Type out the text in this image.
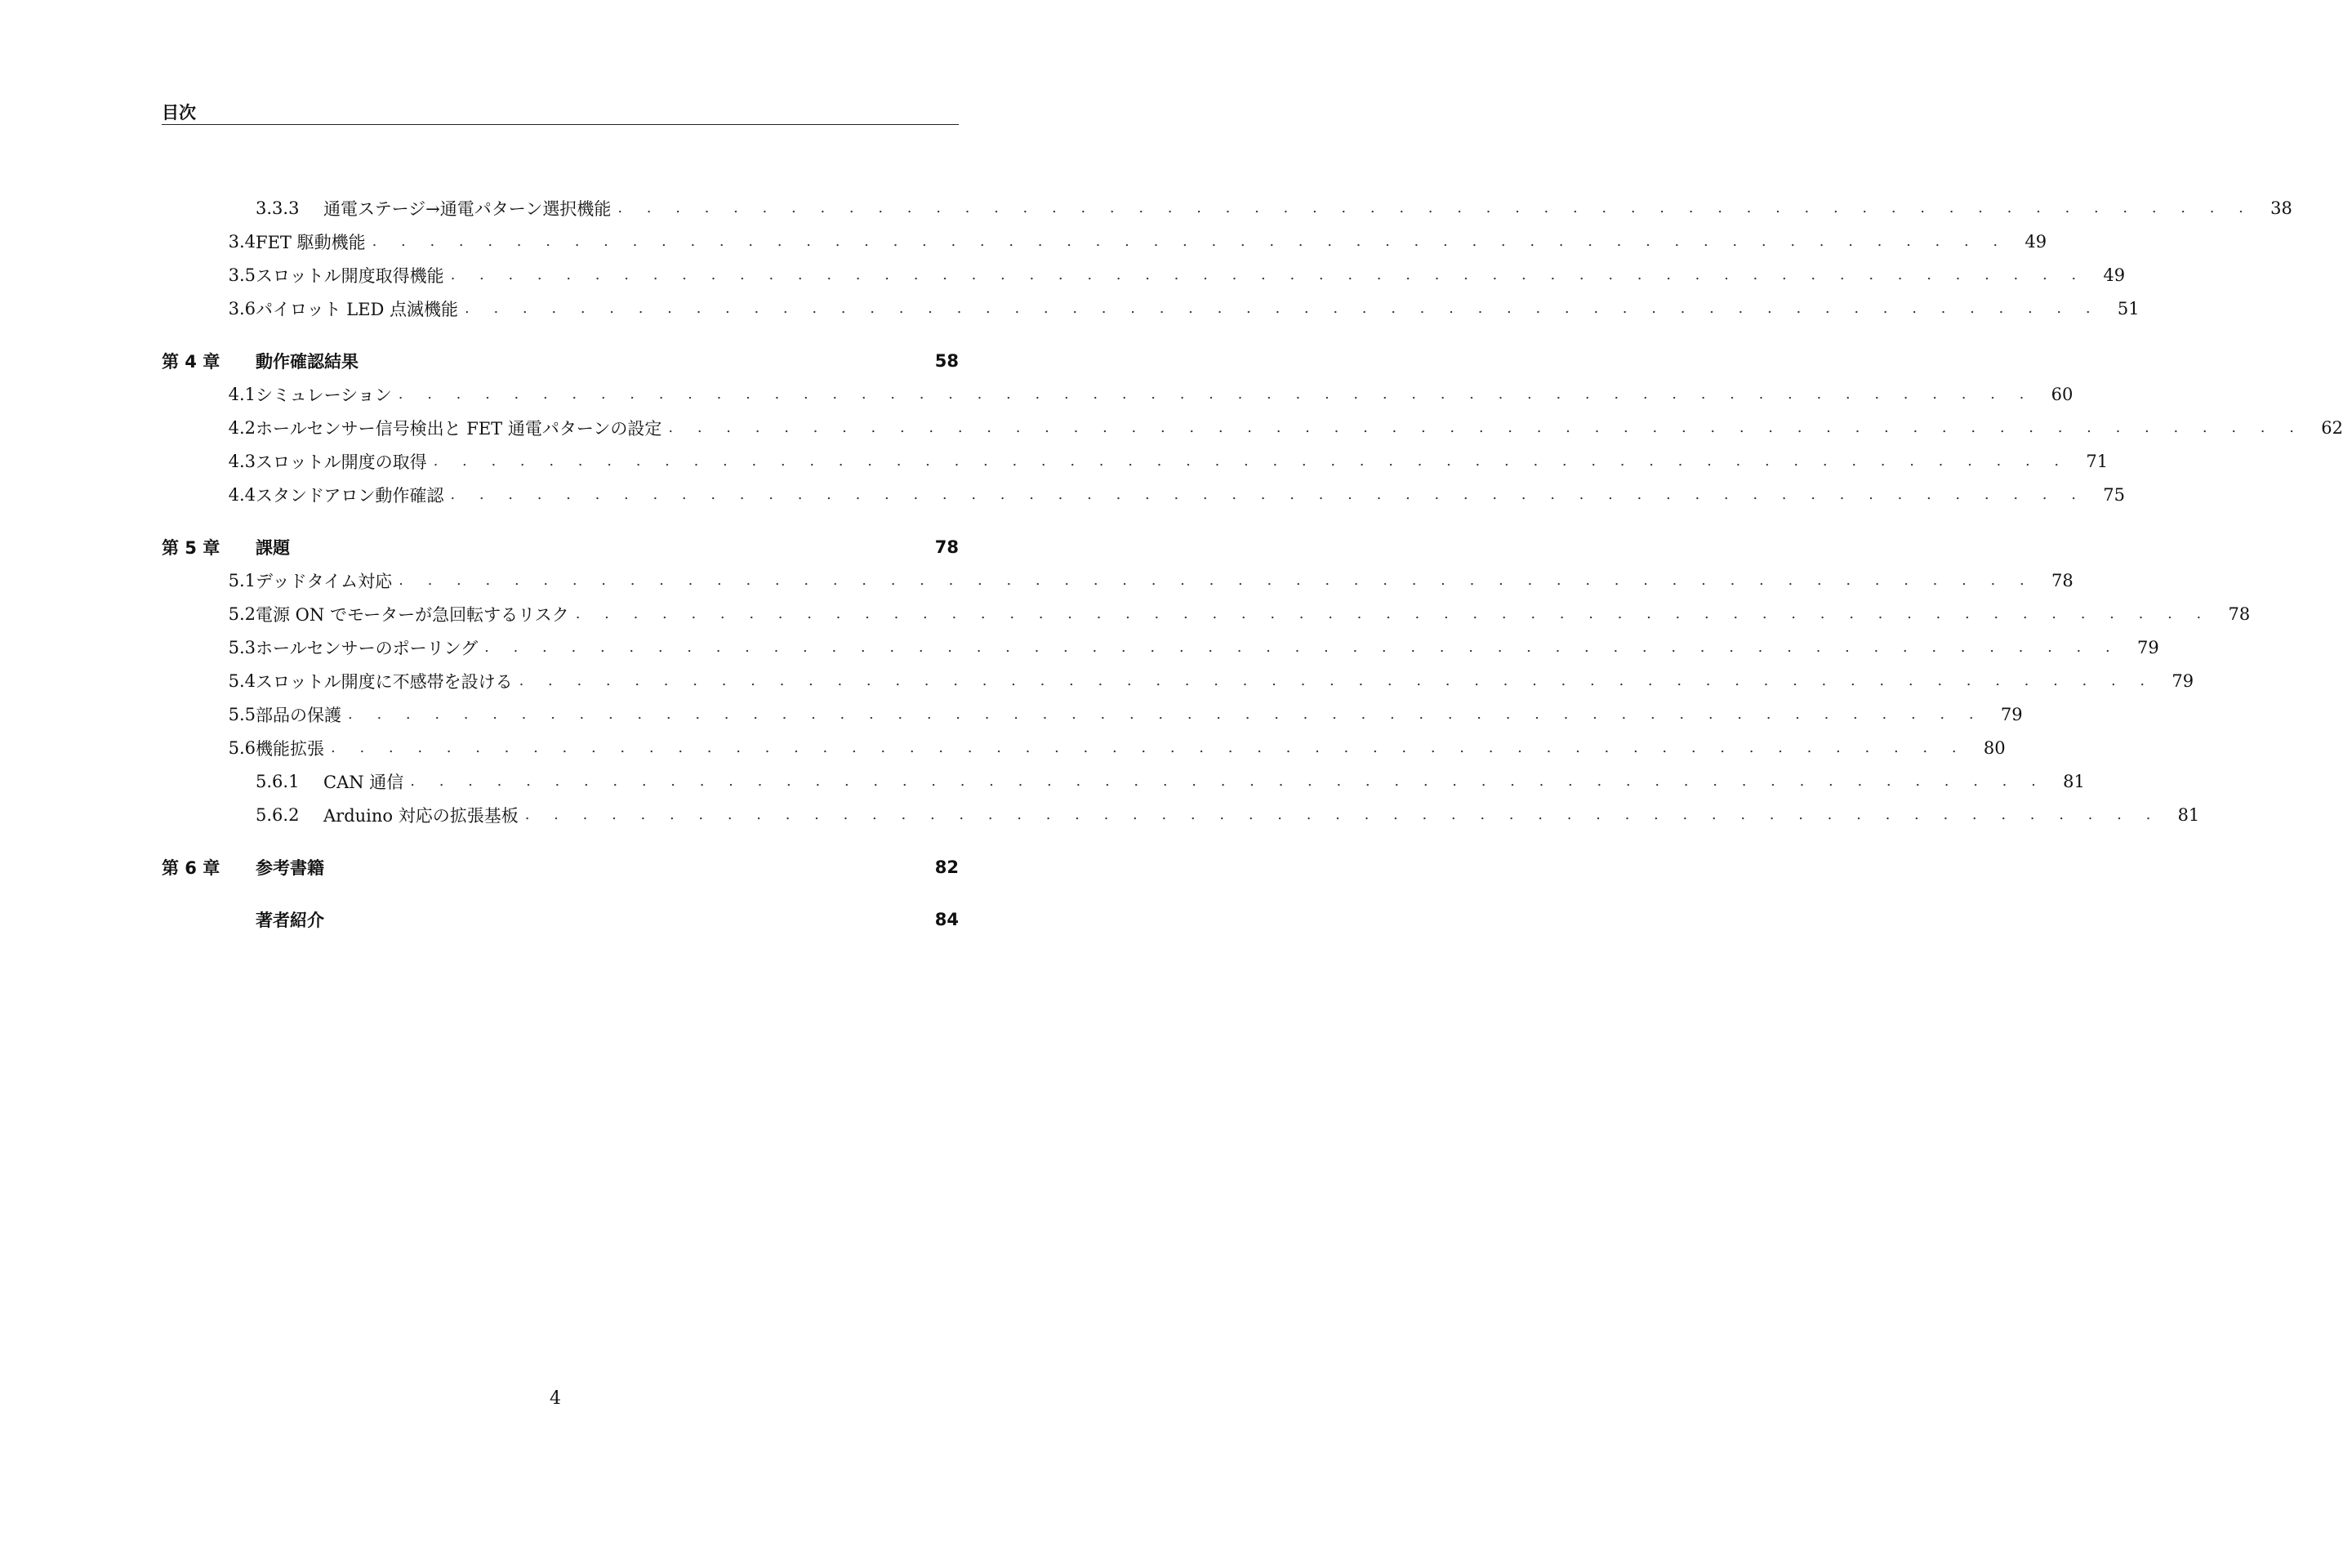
目次
3.3.3	通電ステージ→通電パターン選択機能 . . . . . . . . . . . . . . . . . . . . . . . . . . . . . . . . . . . . . . . . . . . . . . . . . . . . . . . . .	38
3.4 FET 駆動機能 . . . . . . . . . . . . . . . . . . . . . . . . . . . . . . . . . . . . . . . . . . . . . . . . . . . . . . . . .	49
3.5 スロットル開度取得機能 . . . . . . . . . . . . . . . . . . . . . . . . . . . . . . . . . . . . . . . . . . . . . . . . . . . . . . . . .	49
3.6 パイロット LED 点滅機能 . . . . . . . . . . . . . . . . . . . . . . . . . . . . . . . . . . . . . . . . . . . . . . . . . . . . . . . . .	51
第 4 章	動作確認結果	58
4.1 シミュレーション . . . . . . . . . . . . . . . . . . . . . . . . . . . . . . . . . . . . . . . . . . . . . . . . . . . . . . . . .	60
4.2 ホールセンサー信号検出と FET 通電パターンの設定 . . . . . . . . . . . . . . . . . . . . . . . . . . . . . . . . . . . . . . . . . . . . . . . . . . . . . . . . .	62
4.3 スロットル開度の取得 . . . . . . . . . . . . . . . . . . . . . . . . . . . . . . . . . . . . . . . . . . . . . . . . . . . . . . . . .	71
4.4 スタンドアロン動作確認 . . . . . . . . . . . . . . . . . . . . . . . . . . . . . . . . . . . . . . . . . . . . . . . . . . . . . . . . .	75
第 5 章	課題	78
5.1 デッドタイム対応 . . . . . . . . . . . . . . . . . . . . . . . . . . . . . . . . . . . . . . . . . . . . . . . . . . . . . . . . .	78
5.2 電源 ON でモーターが急回転するリスク . . . . . . . . . . . . . . . . . . . . . . . . . . . . . . . . . . . . . . . . . . . . . . . . . . . . . . . . .	78
5.3 ホールセンサーのポーリング . . . . . . . . . . . . . . . . . . . . . . . . . . . . . . . . . . . . . . . . . . . . . . . . . . . . . . . . .	79
5.4 スロットル開度に不感帯を設ける . . . . . . . . . . . . . . . . . . . . . . . . . . . . . . . . . . . . . . . . . . . . . . . . . . . . . . . . .	79
5.5 部品の保護 . . . . . . . . . . . . . . . . . . . . . . . . . . . . . . . . . . . . . . . . . . . . . . . . . . . . . . . . .	79
5.6 機能拡張 . . . . . . . . . . . . . . . . . . . . . . . . . . . . . . . . . . . . . . . . . . . . . . . . . . . . . . . . .	80
5.6.1	CAN 通信 . . . . . . . . . . . . . . . . . . . . . . . . . . . . . . . . . . . . . . . . . . . . . . . . . . . . . . . . .	81
5.6.2	Arduino 対応の拡張基板 . . . . . . . . . . . . . . . . . . . . . . . . . . . . . . . . . . . . . . . . . . . . . . . . . . . . . . . . .	81
第 6 章	参考書籍	82
著者紹介	84
4
